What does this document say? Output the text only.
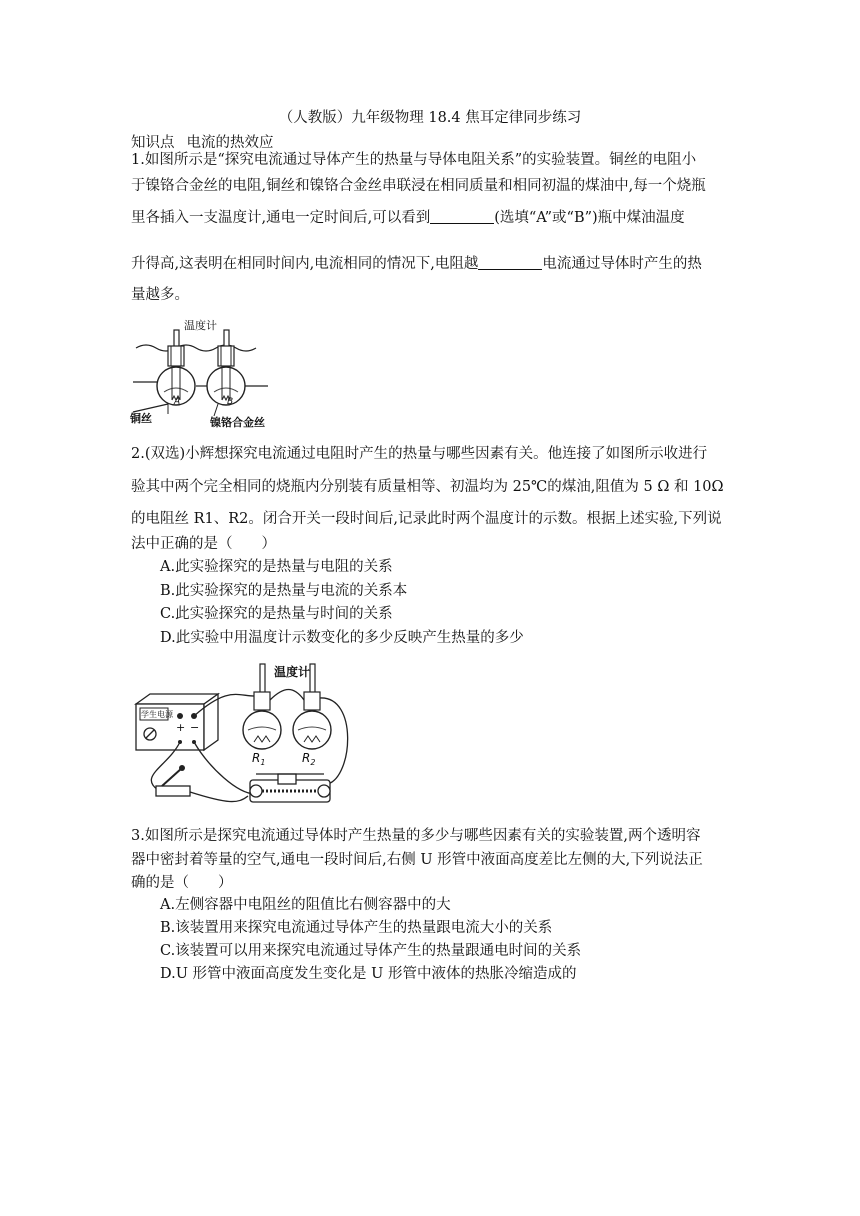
（人教版）九年级物理 18.4 焦耳定律同步练习
知识点 电流的热效应
1.如图所示是“探究电流通过导体产生的热量与导体电阻关系”的实验装置。铜丝的电阻小
于镍铬合金丝的电阻,铜丝和镍铬合金丝串联浸在相同质量和相同初温的煤油中,每一个烧瓶
里各插入一支温度计,通电一定时间后,可以看到	(选填“A”或“B”)瓶中煤油温度
升得高,这表明在相同时间内,电流相同的情况下,电阻越	电流通过导体时产生的热
量越多。
温度计
A	B
铜丝	镍铬合金丝
2.(双选)小辉想探究电流通过电阻时产生的热量与哪些因素有关。他连接了如图所示收进行
验其中两个完全相同的烧瓶内分别装有质量相等、初温均为 25℃的煤油,阻值为 5 Ω 和 10Ω
的电阻丝 R1、R2。闭合开关一段时间后,记录此时两个温度计的示数。根据上述实验,下列说
法中正确的是（　　）
A.此实验探究的是热量与电阻的关系
B.此实验探究的是热量与电流的关系本
C.此实验探究的是热量与时间的关系
D.此实验中用温度计示数变化的多少反映产生热量的多少
学生电源
+ −
温度计
$R_1$	$R_2$
3.如图所示是探究电流通过导体时产生热量的多少与哪些因素有关的实验装置,两个透明容
器中密封着等量的空气,通电一段时间后,右侧 U 形管中液面高度差比左侧的大,下列说法正
确的是（　　）
A.左侧容器中电阻丝的阻值比右侧容器中的大
B.该装置用来探究电流通过导体产生的热量跟电流大小的关系
C.该装置可以用来探究电流通过导体产生的热量跟通电时间的关系
D.U 形管中液面高度发生变化是 U 形管中液体的热胀冷缩造成的
